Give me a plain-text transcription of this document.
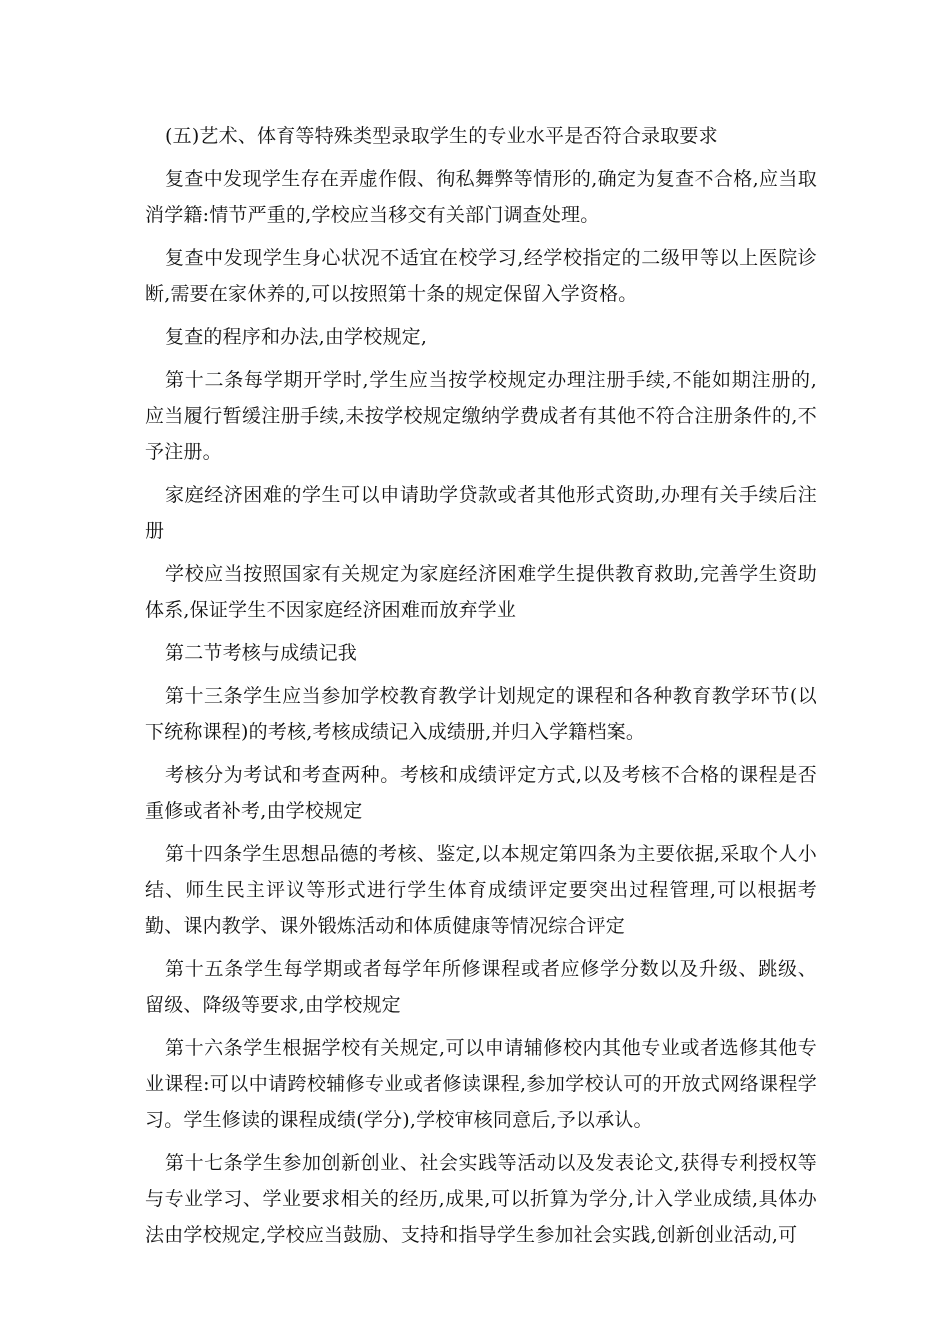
(五)艺术、体育等特殊类型录取学生的专业水平是否符合录取要求

复查中发现学生存在弄虚作假、徇私舞弊等情形的,确定为复查不合格,应当取消学籍:情节严重的,学校应当移交有关部门调查处理。

复查中发现学生身心状况不适宜在校学习,经学校指定的二级甲等以上医院诊断,需要在家休养的,可以按照第十条的规定保留入学资格。

复查的程序和办法,由学校规定,

第十二条每学期开学时,学生应当按学校规定办理注册手续,不能如期注册的,应当履行暂缓注册手续,未按学校规定缴纳学费成者有其他不符合注册条件的,不予注册。

家庭经济困难的学生可以申请助学贷款或者其他形式资助,办理有关手续后注册

学校应当按照国家有关规定为家庭经济困难学生提供教育救助,完善学生资助体系,保证学生不因家庭经济困难而放弃学业

第二节考核与成绩记我

第十三条学生应当参加学校教育教学计划规定的课程和各种教育教学环节(以下统称课程)的考核,考核成绩记入成绩册,并归入学籍档案。

考核分为考试和考查两种。考核和成绩评定方式,以及考核不合格的课程是否重修或者补考,由学校规定

第十四条学生思想品德的考核、鉴定,以本规定第四条为主要依据,采取个人小结、师生民主评议等形式进行学生体育成绩评定要突出过程管理,可以根据考勤、课内教学、课外锻炼活动和体质健康等情况综合评定

第十五条学生每学期或者每学年所修课程或者应修学分数以及升级、跳级、留级、降级等要求,由学校规定

第十六条学生根据学校有关规定,可以申请辅修校内其他专业或者选修其他专业课程:可以中请跨校辅修专业或者修读课程,参加学校认可的开放式网络课程学习。学生修读的课程成绩(学分),学校审核同意后,予以承认。

第十七条学生参加创新创业、社会实践等活动以及发表论文,获得专利授权等与专业学习、学业要求相关的经历,成果,可以折算为学分,计入学业成绩,具体办法由学校规定,学校应当鼓励、支持和指导学生参加社会实践,创新创业活动,可
